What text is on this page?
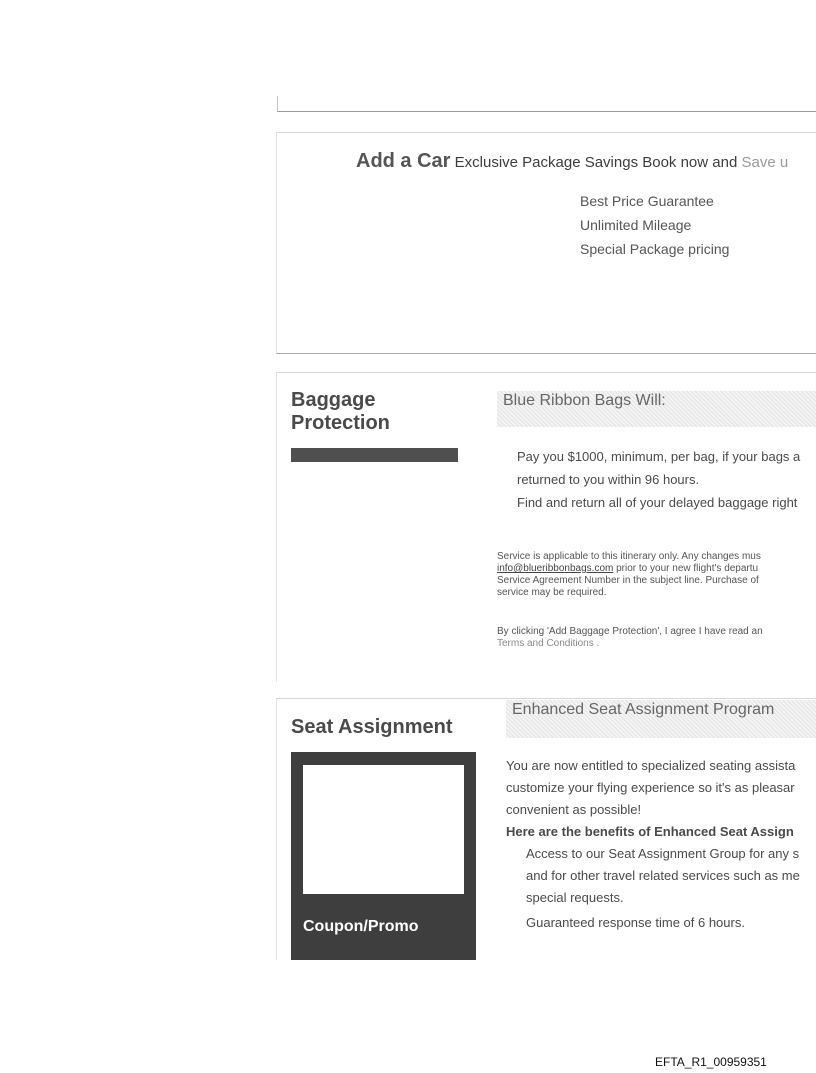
Add a Car Exclusive Package Savings Book now and Save u
Best Price Guarantee
Unlimited Mileage
Special Package pricing
Baggage
Protection
Blue Ribbon Bags Will:
Pay you $1000, minimum, per bag, if your bags a
returned to you within 96 hours.
Find and return all of your delayed baggage right
Service is applicable to this itinerary only. Any changes mus
info@blueribbonbags.com prior to your new flight's departu
Service Agreement Number in the subject line. Purchase of
service may be required.
By clicking 'Add Baggage Protection', I agree I have read an
Terms and Conditions .
Seat Assignment
Enhanced Seat Assignment Program
Coupon/Promo
You are now entitled to specialized seating assista
customize your flying experience so it's as pleasar
convenient as possible!
Here are the benefits of Enhanced Seat Assign
Access to our Seat Assignment Group for any s
and for other travel related services such as me
special requests.
Guaranteed response time of 6 hours.
EFTA_R1_00959351
